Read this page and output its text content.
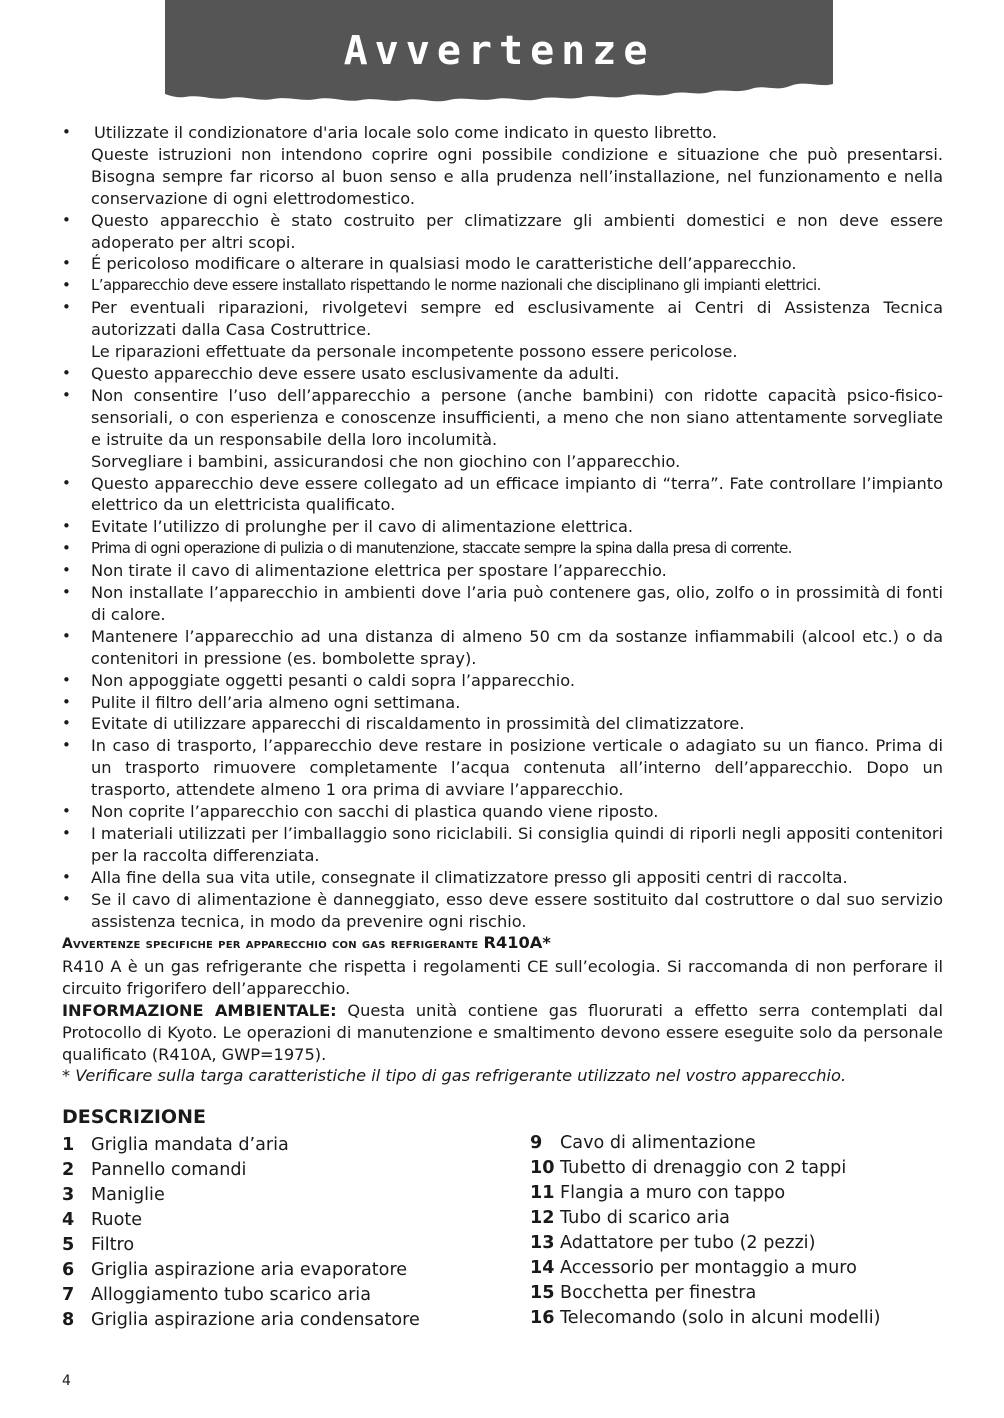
Avvertenze
• Utilizzate il condizionatore d'aria locale solo come indicato in questo libretto.

Queste istruzioni non intendono coprire ogni possibile condizione e situazione che può presentarsi. Bisogna sempre far ricorso al buon senso e alla prudenza nell’installazione, nel funzionamento e nella conservazione di ogni elettrodomestico.

• Questo apparecchio è stato costruito per climatizzare gli ambienti domestici e non deve essere adoperato per altri scopi.

• É pericoloso modificare o alterare in qualsiasi modo le caratteristiche dell’apparecchio.

• L’apparecchio deve essere installato rispettando le norme nazionali che disciplinano gli impianti elettrici.

• Per eventuali riparazioni, rivolgetevi sempre ed esclusivamente ai Centri di Assistenza Tecnica autorizzati dalla Casa Costruttrice.

Le riparazioni effettuate da personale incompetente possono essere pericolose.

• Questo apparecchio deve essere usato esclusivamente da adulti.

• Non consentire l’uso dell’apparecchio a persone (anche bambini) con ridotte capacità psico-fisico-sensoriali, o con esperienza e conoscenze insufficienti, a meno che non siano attentamente sorvegliate e istruite da un responsabile della loro incolumità.

Sorvegliare i bambini, assicurandosi che non giochino con l’apparecchio.

• Questo apparecchio deve essere collegato ad un efficace impianto di “terra”. Fate controllare l’impianto elettrico da un elettricista qualificato.

• Evitate l’utilizzo di prolunghe per il cavo di alimentazione elettrica.

• Prima di ogni operazione di pulizia o di manutenzione, staccate sempre la spina dalla presa di corrente.

• Non tirate il cavo di alimentazione elettrica per spostare l’apparecchio.

• Non installate l’apparecchio in ambienti dove l’aria può contenere gas, olio, zolfo o in prossimità di fonti di calore.

• Mantenere l’apparecchio ad una distanza di almeno 50 cm da sostanze infiammabili (alcool etc.) o da contenitori in pressione (es. bombolette spray).

• Non appoggiate oggetti pesanti o caldi sopra l’apparecchio.

• Pulite il filtro dell’aria almeno ogni settimana.

• Evitate di utilizzare apparecchi di riscaldamento in prossimità del climatizzatore.

• In caso di trasporto, l’apparecchio deve restare in posizione verticale o adagiato su un fianco. Prima di un trasporto rimuovere completamente l’acqua contenuta all’interno dell’apparecchio. Dopo un trasporto, attendete almeno 1 ora prima di avviare l’apparecchio.

• Non coprite l’apparecchio con sacchi di plastica quando viene riposto.

• I materiali utilizzati per l’imballaggio sono riciclabili. Si consiglia quindi di riporli negli appositi contenitori per la raccolta differenziata.

• Alla fine della sua vita utile, consegnate il climatizzatore presso gli appositi centri di raccolta.

• Se il cavo di alimentazione è danneggiato, esso deve essere sostituito dal costruttore o dal suo servizio assistenza tecnica, in modo da prevenire ogni rischio.

Avvertenze specifiche per apparecchio con gas refrigerante R410A*

R410 A è un gas refrigerante che rispetta i regolamenti CE sull’ecologia. Si raccomanda di non perforare il circuito frigorifero dell’apparecchio.

INFORMAZIONE AMBIENTALE: Questa unità contiene gas fluorurati a effetto serra contemplati dal Protocollo di Kyoto. Le operazioni di manutenzione e smaltimento devono essere eseguite solo da personale qualificato (R410A, GWP=1975).

* Verificare sulla targa caratteristiche il tipo di gas refrigerante utilizzato nel vostro apparecchio.

DESCRIZIONE
1 Griglia mandata d’aria
2 Pannello comandi
3 Maniglie
4 Ruote
5 Filtro
6 Griglia aspirazione aria evaporatore
7 Alloggiamento tubo scarico aria
8 Griglia aspirazione aria condensatore
9 Cavo di alimentazione
10 Tubetto di drenaggio con 2 tappi
11 Flangia a muro con tappo
12 Tubo di scarico aria
13 Adattatore per tubo (2 pezzi)
14 Accessorio per montaggio a muro
15 Bocchetta per finestra
16 Telecomando (solo in alcuni modelli)
4
